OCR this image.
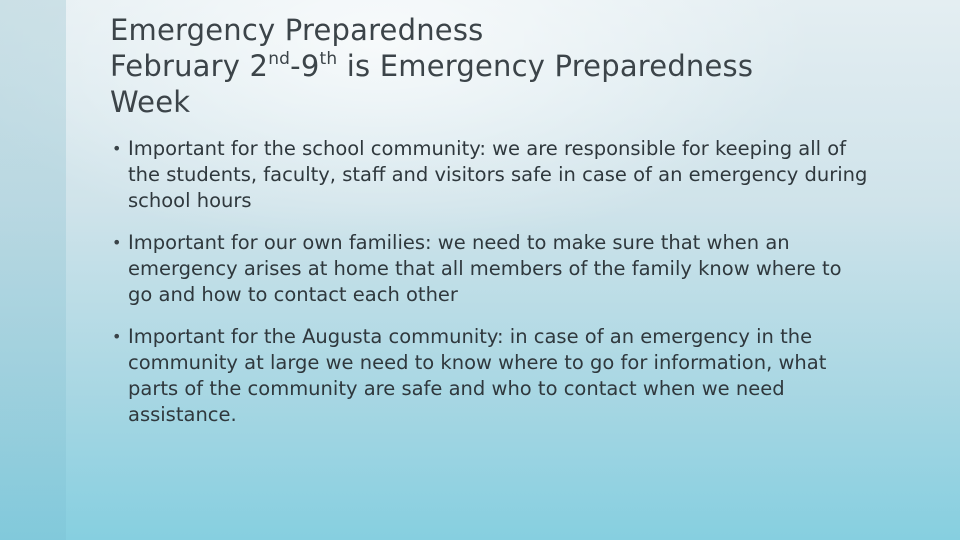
Emergency Preparedness
February 2nd-9th is Emergency Preparedness
Week
• Important for the school community: we are responsible for keeping all of the students, faculty, staff and visitors safe in case of an emergency during school hours
• Important for our own families: we need to make sure that when an emergency arises at home that all members of the family know where to go and how to contact each other
• Important for the Augusta community: in case of an emergency in the community at large we need to know where to go for information, what parts of the community are safe and who to contact when we need assistance.
